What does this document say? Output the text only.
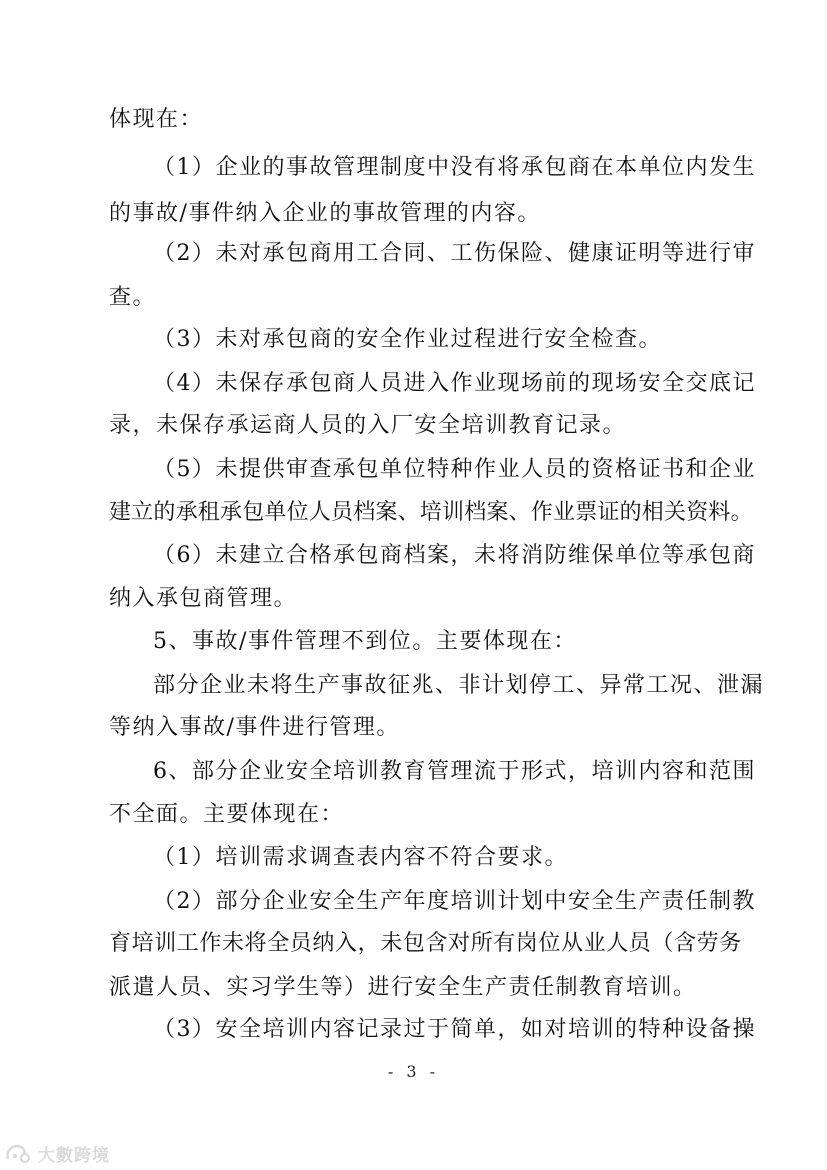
体现在：
（1）企业的事故管理制度中没有将承包商在本单位内发生
的事故/事件纳入企业的事故管理的内容。
（2）未对承包商用工合同、工伤保险、健康证明等进行审
查。
（3）未对承包商的安全作业过程进行安全检查。
（4）未保存承包商人员进入作业现场前的现场安全交底记
录，未保存承运商人员的入厂安全培训教育记录。
（5）未提供审查承包单位特种作业人员的资格证书和企业
建立的承租承包单位人员档案、培训档案、作业票证的相关资料。
（6）未建立合格承包商档案，未将消防维保单位等承包商
纳入承包商管理。
5、事故/事件管理不到位。主要体现在：
部分企业未将生产事故征兆、非计划停工、异常工况、泄漏
等纳入事故/事件进行管理。
6、部分企业安全培训教育管理流于形式，培训内容和范围
不全面。主要体现在：
（1）培训需求调查表内容不符合要求。
（2）部分企业安全生产年度培训计划中安全生产责任制教
育培训工作未将全员纳入，未包含对所有岗位从业人员（含劳务
派遣人员、实习学生等）进行安全生产责任制教育培训。
（3）安全培训内容记录过于简单，如对培训的特种设备操
- 3 -
大數跨境
